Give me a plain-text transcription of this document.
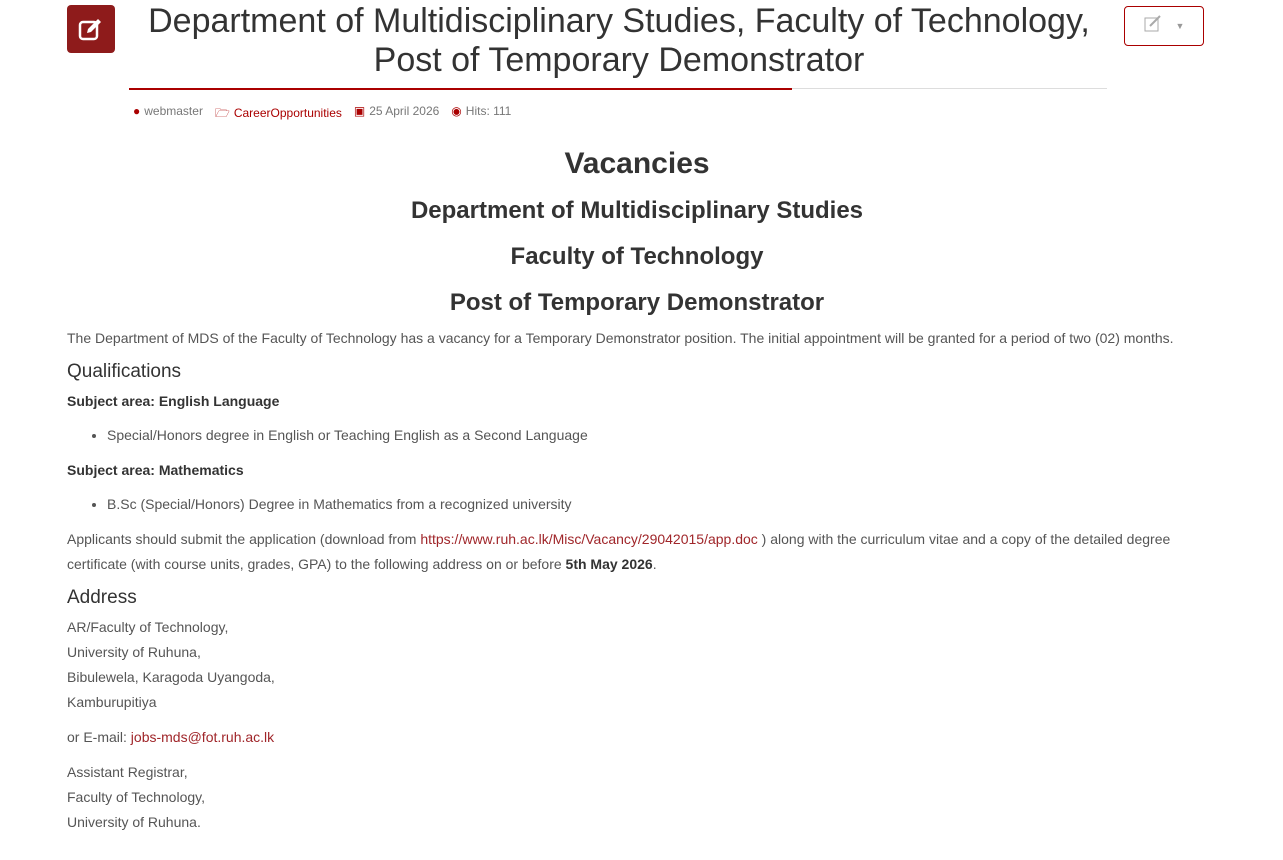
Department of Multidisciplinary Studies, Faculty of Technology,
Post of Temporary Demonstrator
▼
● webmaster 🗁 CareerOpportunities ▣ 25 April 2026 ◉ Hits: 111
Vacancies
Department of Multidisciplinary Studies
Faculty of Technology
Post of Temporary Demonstrator

The Department of MDS of the Faculty of Technology has a vacancy for a Temporary Demonstrator position. The initial appointment will be granted for a period of two (02) months.

Qualifications

Subject area: English Language

• Special/Honors degree in English or Teaching English as a Second Language

Subject area: Mathematics

• B.Sc (Special/Honors) Degree in Mathematics from a recognized university

Applicants should submit the application (download from https://www.ruh.ac.lk/Misc/Vacancy/29042015/app.doc ) along with the curriculum vitae and a copy of the detailed degree certificate (with course units, grades, GPA) to the following address on or before 5th May 2026.

Address

AR/Faculty of Technology,
University of Ruhuna,
Bibulewela, Karagoda Uyangoda,
Kamburupitiya

or E-mail: jobs-mds@fot.ruh.ac.lk

Assistant Registrar,
Faculty of Technology,
University of Ruhuna.
